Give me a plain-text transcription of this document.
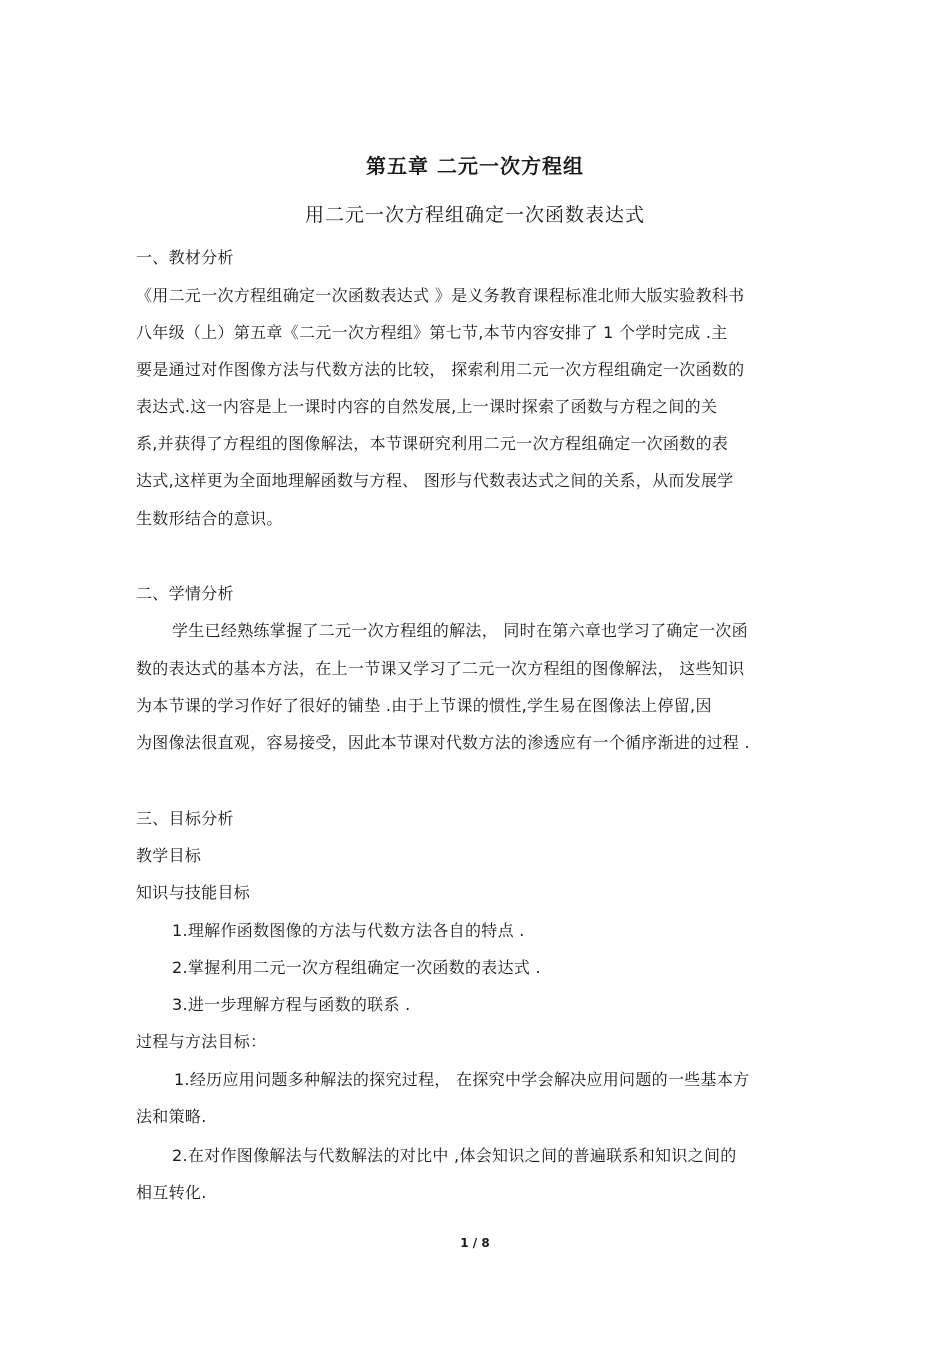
第五章 二元一次方程组
用二元一次方程组确定一次函数表达式
一、教材分析
《用二元一次方程组确定一次函数表达式 》是义务教育课程标准北师大版实验教科书
八年级（上）第五章《二元一次方程组》第七节,本节内容安排了 1 个学时完成 .主
要是通过对作图像方法与代数方法的比较， 探索利用二元一次方程组确定一次函数的
表达式.这一内容是上一课时内容的自然发展,上一课时探索了函数与方程之间的关
系,并获得了方程组的图像解法，本节课研究利用二元一次方程组确定一次函数的表
达式,这样更为全面地理解函数与方程、 图形与代数表达式之间的关系，从而发展学
生数形结合的意识。
二、学情分析
学生已经熟练掌握了二元一次方程组的解法， 同时在第六章也学习了确定一次函
数的表达式的基本方法，在上一节课又学习了二元一次方程组的图像解法， 这些知识
为本节课的学习作好了很好的铺垫 .由于上节课的惯性,学生易在图像法上停留,因
为图像法很直观，容易接受，因此本节课对代数方法的渗透应有一个循序渐进的过程 .
三、目标分析
教学目标
知识与技能目标
1.理解作函数图像的方法与代数方法各自的特点 .
2.掌握利用二元一次方程组确定一次函数的表达式 .
3.进一步理解方程与函数的联系 .
过程与方法目标：
1.经历应用问题多种解法的探究过程， 在探究中学会解决应用问题的一些基本方
法和策略.
2.在对作图像解法与代数解法的对比中 ,体会知识之间的普遍联系和知识之间的
相互转化.
1 / 8
